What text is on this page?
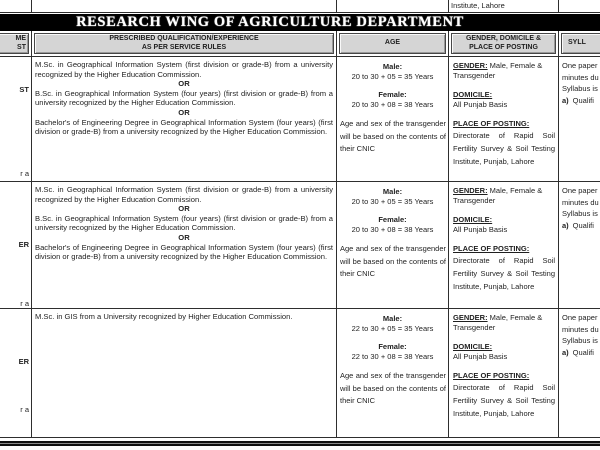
Institute, Lahore
RESEARCH WING OF AGRICULTURE DEPARTMENT
ME
ST
PRESCRIBED QUALIFICATION/EXPERIENCE
AS PER SERVICE RULES
AGE
GENDER, DOMICILE &
PLACE OF POSTING
SYLL
ST
r a
M.Sc. in Geographical Information System (first division or grade-B) from a university recognized by the Higher Education Commission.
OR
B.Sc. in Geographical Information System (four years) (first division or grade-B) from a university recognized by the Higher Education Commission.
OR
Bachelor's of Engineering Degree in Geographical Information System (four years) (first division or grade-B) from a university recognized by the Higher Education Commission.
Male:
20 to 30 + 05 = 35 Years
Female:
20 to 30 + 08 = 38 Years
Age and sex of the transgender will be based on the contents of their CNIC
GENDER: Male, Female & Transgender
DOMICILE:
All Punjab Basis
PLACE OF POSTING:
Directorate of Rapid Soil Fertility Survey & Soil Testing Institute, Punjab, Lahore
One paper
minutes du
Syllabus is
a) Qualifi
ER
r a
M.Sc. in Geographical Information System (first division or grade-B) from a university recognized by the Higher Education Commission.
OR
B.Sc. in Geographical Information System (four years) (first division or grade-B) from a university recognized by the Higher Education Commission.
OR
Bachelor's of Engineering Degree in Geographical Information System (four years) (first division or grade-B) from a university recognized by the Higher Education Commission.
Male:
20 to 30 + 05 = 35 Years
Female:
20 to 30 + 08 = 38 Years
Age and sex of the transgender will be based on the contents of their CNIC
GENDER: Male, Female & Transgender
DOMICILE:
All Punjab Basis
PLACE OF POSTING:
Directorate of Rapid Soil Fertility Survey & Soil Testing Institute, Punjab, Lahore
One paper
minutes du
Syllabus is
a) Qualifi
ER
r a
M.Sc. in GIS from a University recognized by Higher Education Commission.	Male:
22 to 30 + 05 = 35 Years
Female:
22 to 30 + 08 = 38 Years
Age and sex of the transgender will be based on the contents of their CNIC
GENDER: Male, Female & Transgender
DOMICILE:
All Punjab Basis
PLACE OF POSTING:
Directorate of Rapid Soil Fertility Survey & Soil Testing Institute, Punjab, Lahore
One paper
minutes du
Syllabus is
a) Qualifi
